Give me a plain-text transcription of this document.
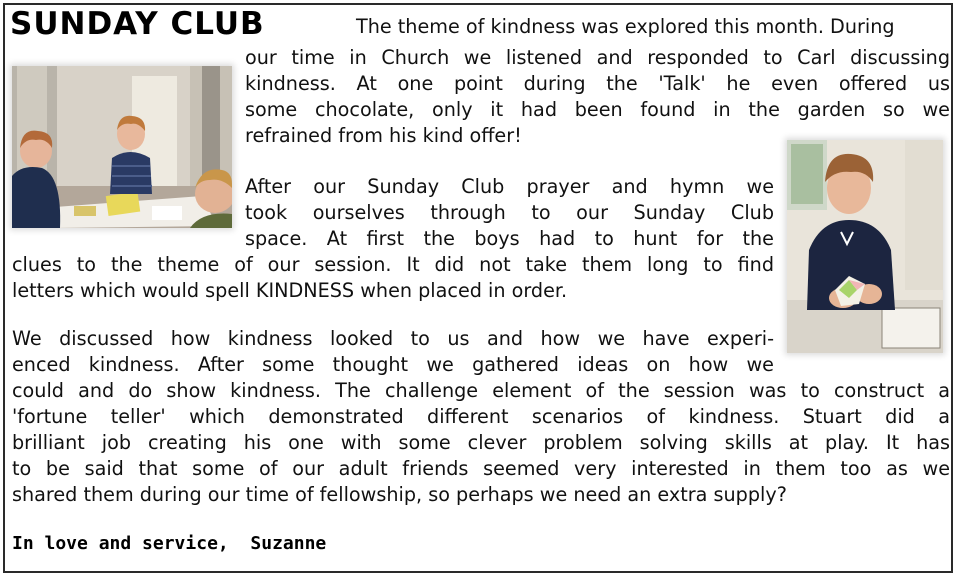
SUNDAY CLUB	The theme of kindness was explored this month. During

our time in Church we listened and responded to Carl discussing

kindness. At one point during the 'Talk' he even offered us

some chocolate, only it had been found in the garden so we

refrained from his kind offer!

After our Sunday Club prayer and hymn we

took ourselves through to our Sunday Club

space. At first the boys had to hunt for the

clues to the theme of our session. It did not take them long to find

letters which would spell KINDNESS when placed in order.

We discussed how kindness looked to us and how we have experi-

enced kindness. After some thought we gathered ideas on how we

could and do show kindness. The challenge element of the session was to construct a

'fortune teller' which demonstrated different scenarios of kindness. Stuart did a

brilliant job creating his one with some clever problem solving skills at play. It has

to be said that some of our adult friends seemed very interested in them too as we

shared them during our time of fellowship, so perhaps we need an extra supply?

In love and service,  Suzanne
